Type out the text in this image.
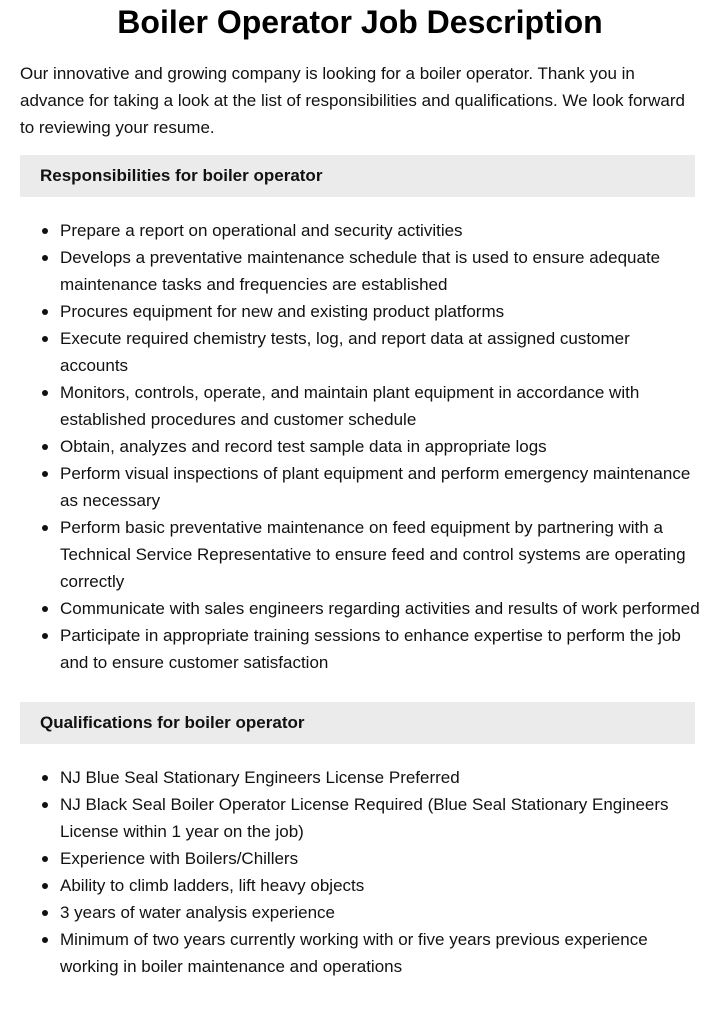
Boiler Operator Job Description

Our innovative and growing company is looking for a boiler operator. Thank you in advance for taking a look at the list of responsibilities and qualifications. We look forward to reviewing your resume.

Responsibilities for boiler operator
Prepare a report on operational and security activities
Develops a preventative maintenance schedule that is used to ensure adequate maintenance tasks and frequencies are established
Procures equipment for new and existing product platforms
Execute required chemistry tests, log, and report data at assigned customer accounts
Monitors, controls, operate, and maintain plant equipment in accordance with established procedures and customer schedule
Obtain, analyzes and record test sample data in appropriate logs
Perform visual inspections of plant equipment and perform emergency maintenance as necessary
Perform basic preventative maintenance on feed equipment by partnering with a Technical Service Representative to ensure feed and control systems are operating correctly
Communicate with sales engineers regarding activities and results of work performed
Participate in appropriate training sessions to enhance expertise to perform the job and to ensure customer satisfaction
Qualifications for boiler operator
NJ Blue Seal Stationary Engineers License Preferred
NJ Black Seal Boiler Operator License Required (Blue Seal Stationary Engineers License within 1 year on the job)
Experience with Boilers/Chillers
Ability to climb ladders, lift heavy objects
3 years of water analysis experience
Minimum of two years currently working with or five years previous experience working in boiler maintenance and operations
